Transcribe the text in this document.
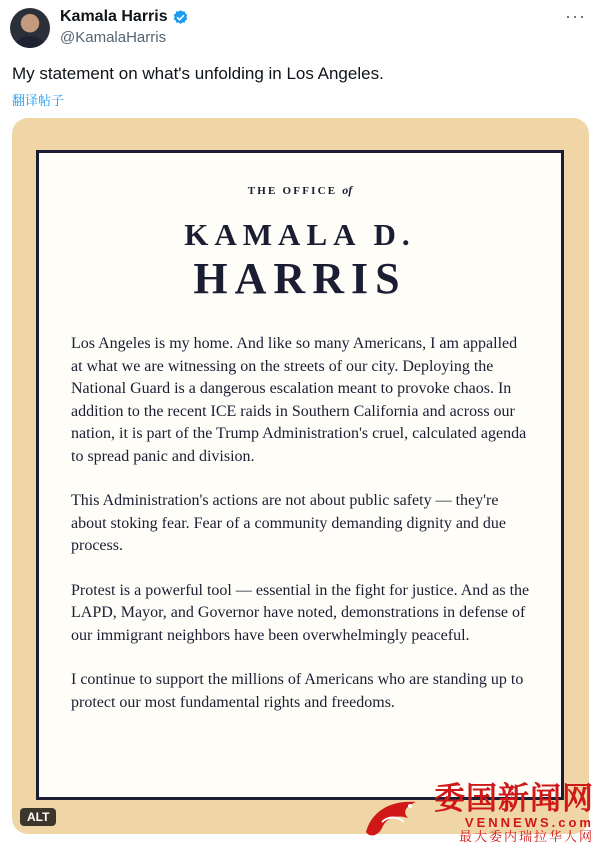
Kamala Harris
@KamalaHarris
···
My statement on what's unfolding in Los Angeles.
翻译帖子
THE OFFICE of
KAMALA D.
HARRIS

Los Angeles is my home. And like so many Americans, I am appalled at what we are witnessing on the streets of our city. Deploying the National Guard is a dangerous escalation meant to provoke chaos. In addition to the recent ICE raids in Southern California and across our nation, it is part of the Trump Administration's cruel, calculated agenda to spread panic and division.

This Administration's actions are not about public safety — they're about stoking fear. Fear of a community demanding dignity and due process.

Protest is a powerful tool — essential in the fight for justice. And as the LAPD, Mayor, and Governor have noted, demonstrations in defense of our immigrant neighbors have been overwhelmingly peaceful.

I continue to support the millions of Americans who are standing up to protect our most fundamental rights and freedoms.

ALT	委国新闻网
VENNEWS.com
最大委内瑞拉华人网
